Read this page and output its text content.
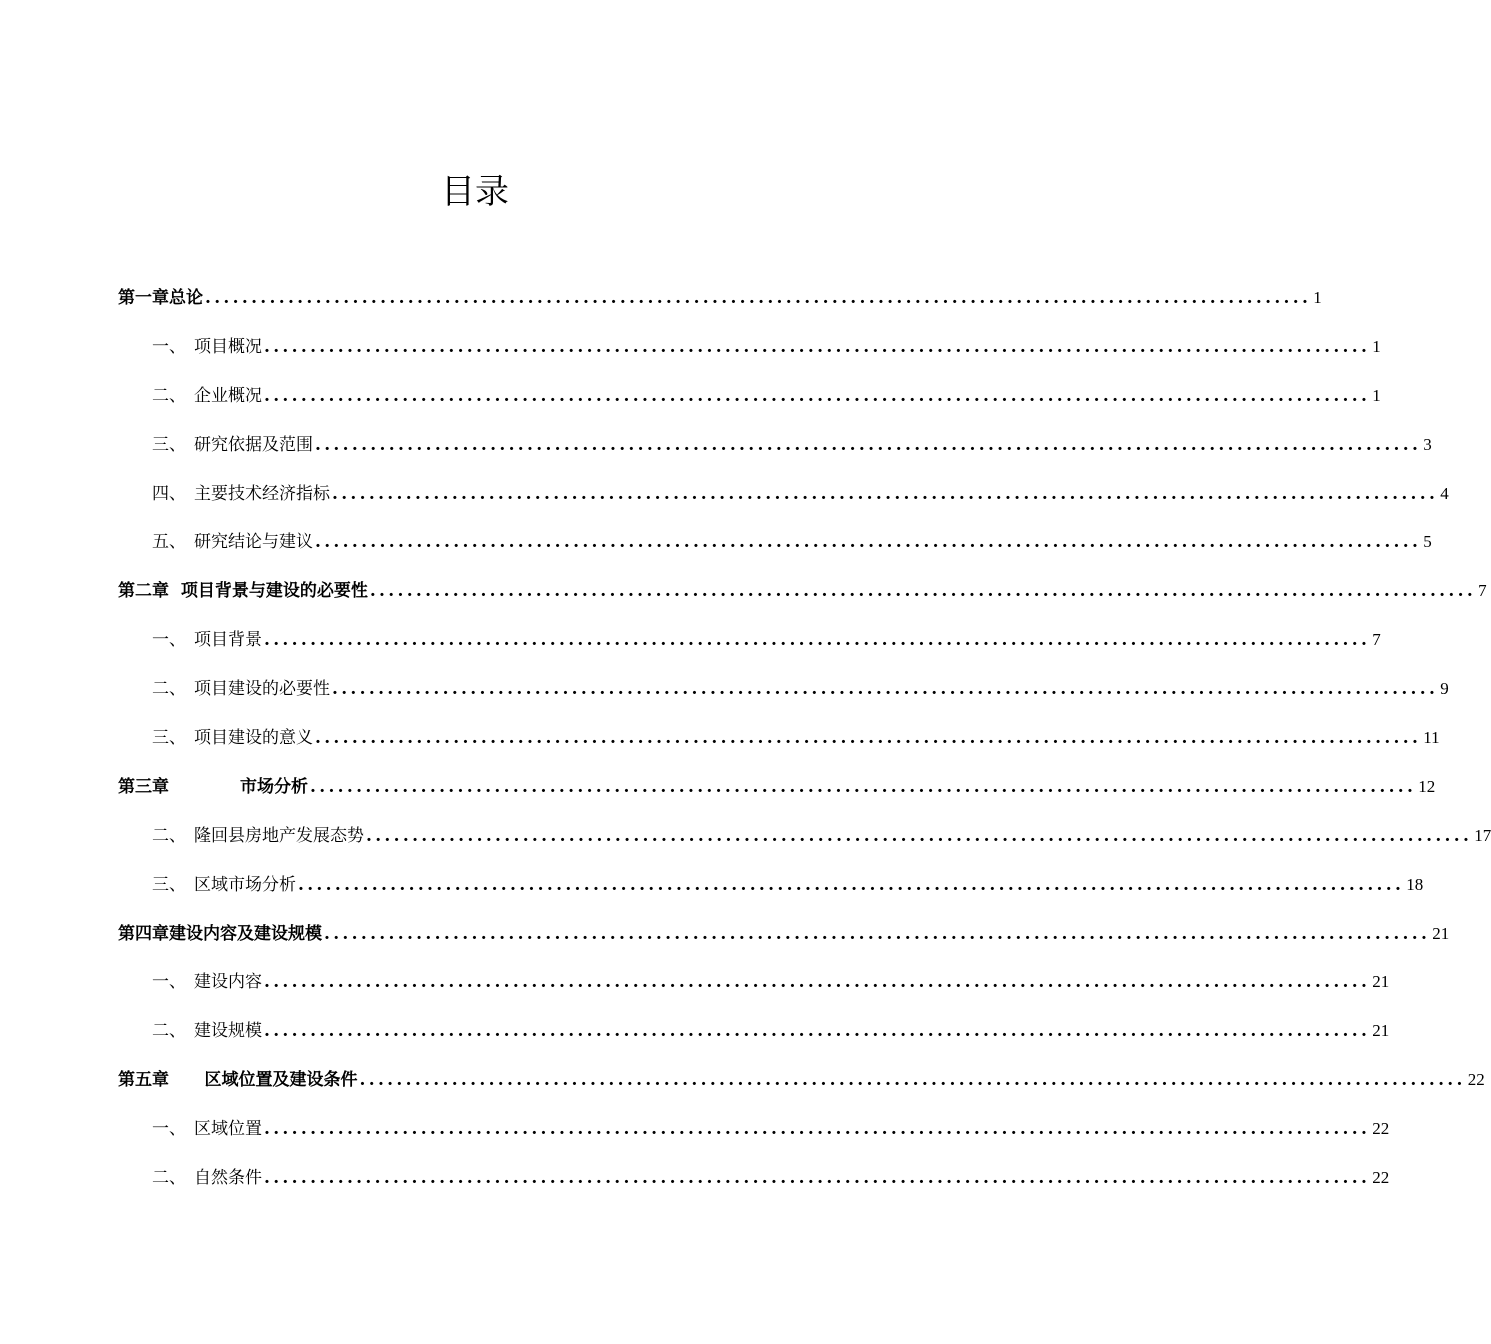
目录
第一章 总论 ........................................................................................................................ 1
一、 项目概况 ........................................................................................................................ 1
二、 企业概况 ........................................................................................................................ 1
三、 研究依据及范围 ........................................................................................................................ 3
四、 主要技术经济指标 ........................................................................................................................ 4
五、 研究结论与建议 ........................................................................................................................ 5
第二章
项目背景与建设的必要性 ........................................................................................................................ 7
一、 项目背景 ........................................................................................................................ 7
二、 项目建设的必要性 ........................................................................................................................ 9
三、 项目建设的意义 ........................................................................................................................ 11
第三章
	市场分析 ........................................................................................................................ 12
二、 隆回县房地产发展态势 ........................................................................................................................ 17
三、 区域市场分析 ........................................................................................................................ 18
第四章 建设内容及建设规模 ........................................................................................................................ 21
一、 建设内容 ........................................................................................................................ 21
二、 建设规模 ........................................................................................................................ 21
第五章
区域位置及建设条件 ........................................................................................................................ 22
一、 区域位置 ........................................................................................................................ 22
二、 自然条件 ........................................................................................................................ 22
